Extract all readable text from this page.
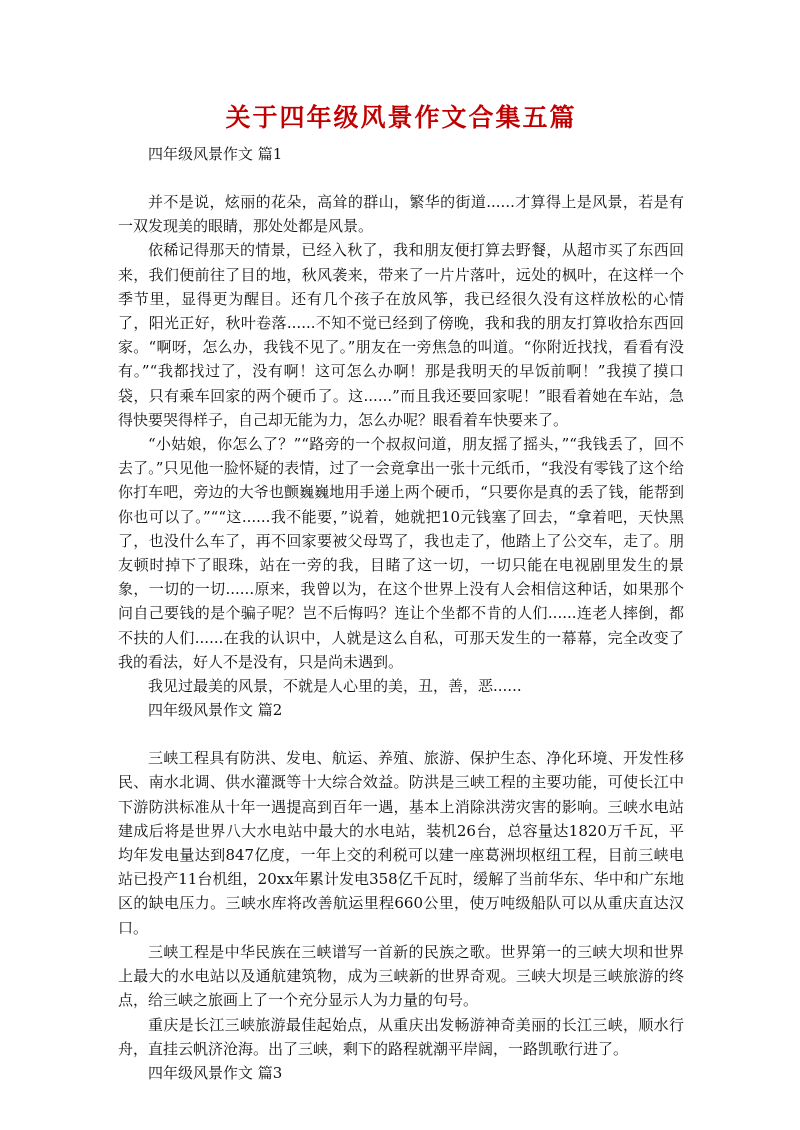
关于四年级风景作文合集五篇

四年级风景作文 篇1

并不是说，炫丽的花朵，高耸的群山，繁华的街道......才算得上是风景，若是有一双发现美的眼睛，那处处都是风景。

依稀记得那天的情景，已经入秋了，我和朋友便打算去野餐，从超市买了东西回来，我们便前往了目的地，秋风袭来，带来了一片片落叶，远处的枫叶，在这样一个季节里，显得更为醒目。还有几个孩子在放风筝，我已经很久没有这样放松的心情了，阳光正好，秋叶卷落......不知不觉已经到了傍晚，我和我的朋友打算收拾东西回家。“啊呀，怎么办，我钱不见了。”朋友在一旁焦急的叫道。“你附近找找，看看有没有。”“我都找过了，没有啊！这可怎么办啊！那是我明天的早饭前啊！”我摸了摸口袋，只有乘车回家的两个硬币了。这......”而且我还要回家呢！”眼看着她在车站，急得快要哭得样子，自己却无能为力，怎么办呢？眼看着车快要来了。

“小姑娘，你怎么了？”“路旁的一个叔叔问道，朋友摇了摇头，”“我钱丢了，回不去了。”只见他一脸怀疑的表情，过了一会竟拿出一张十元纸币，“我没有零钱了这个给你打车吧，旁边的大爷也颤巍巍地用手递上两个硬币，“只要你是真的丢了钱，能帮到你也可以了。”““这......我不能要，”说着，她就把10元钱塞了回去，“拿着吧，天快黑了，也没什么车了，再不回家要被父母骂了，我也走了，他踏上了公交车，走了。朋友顿时掉下了眼珠，站在一旁的我，目睹了这一切，一切只能在电视剧里发生的景象，一切的一切......原来，我曾以为，在这个世界上没有人会相信这种话，如果那个问自己要钱的是个骗子呢？岂不后悔吗？连让个坐都不肯的人们......连老人摔倒，都不扶的人们......在我的认识中，人就是这么自私，可那天发生的一幕幕，完全改变了我的看法，好人不是没有，只是尚未遇到。

我见过最美的风景，不就是人心里的美，丑，善，恶......

四年级风景作文 篇2

三峡工程具有防洪、发电、航运、养殖、旅游、保护生态、净化环境、开发性移民、南水北调、供水灌溉等十大综合效益。防洪是三峡工程的主要功能，可使长江中下游防洪标准从十年一遇提高到百年一遇，基本上消除洪涝灾害的影响。三峡水电站建成后将是世界八大水电站中最大的水电站，装机26台，总容量达1820万千瓦，平均年发电量达到847亿度，一年上交的利税可以建一座葛洲坝枢纽工程，目前三峡电站已投产11台机组，20xx年累计发电358亿千瓦时，缓解了当前华东、华中和广东地区的缺电压力。三峡水库将改善航运里程660公里，使万吨级船队可以从重庆直达汉口。

三峡工程是中华民族在三峡谱写一首新的民族之歌。世界第一的三峡大坝和世界上最大的水电站以及通航建筑物，成为三峡新的世界奇观。三峡大坝是三峡旅游的终点，给三峡之旅画上了一个充分显示人为力量的句号。

重庆是长江三峡旅游最佳起始点，从重庆出发畅游神奇美丽的长江三峡，顺水行舟，直挂云帆济沧海。出了三峡，剩下的路程就潮平岸阔，一路凯歌行进了。

四年级风景作文 篇3
